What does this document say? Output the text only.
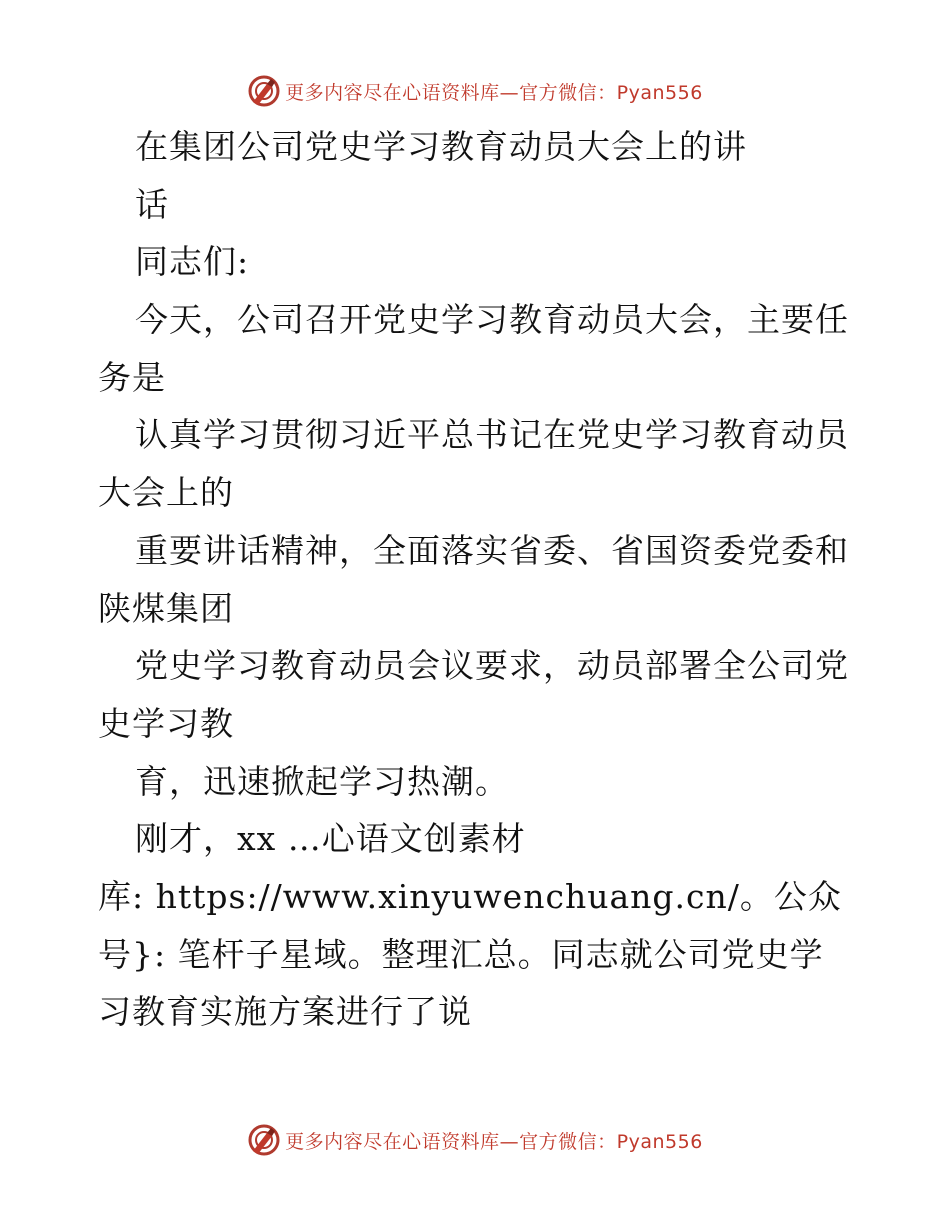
更多内容尽在心语资料库—官方微信：Pyan556
在集团公司党史学习教育动员大会上的讲
话
同志们:
今天，公司召开党史学习教育动员大会，主要任
务是
认真学习贯彻习近平总书记在党史学习教育动员
大会上的
重要讲话精神，全面落实省委、省国资委党委和
陕煤集团
党史学习教育动员会议要求，动员部署全公司党
史学习教
育，迅速掀起学习热潮。
刚才，xx …心语文创素材
库: https://www.xinyuwenchuang.cn/。公众
号}: 笔杆子星域。整理汇总。同志就公司党史学
习教育实施方案进行了说
更多内容尽在心语资料库—官方微信：Pyan556
